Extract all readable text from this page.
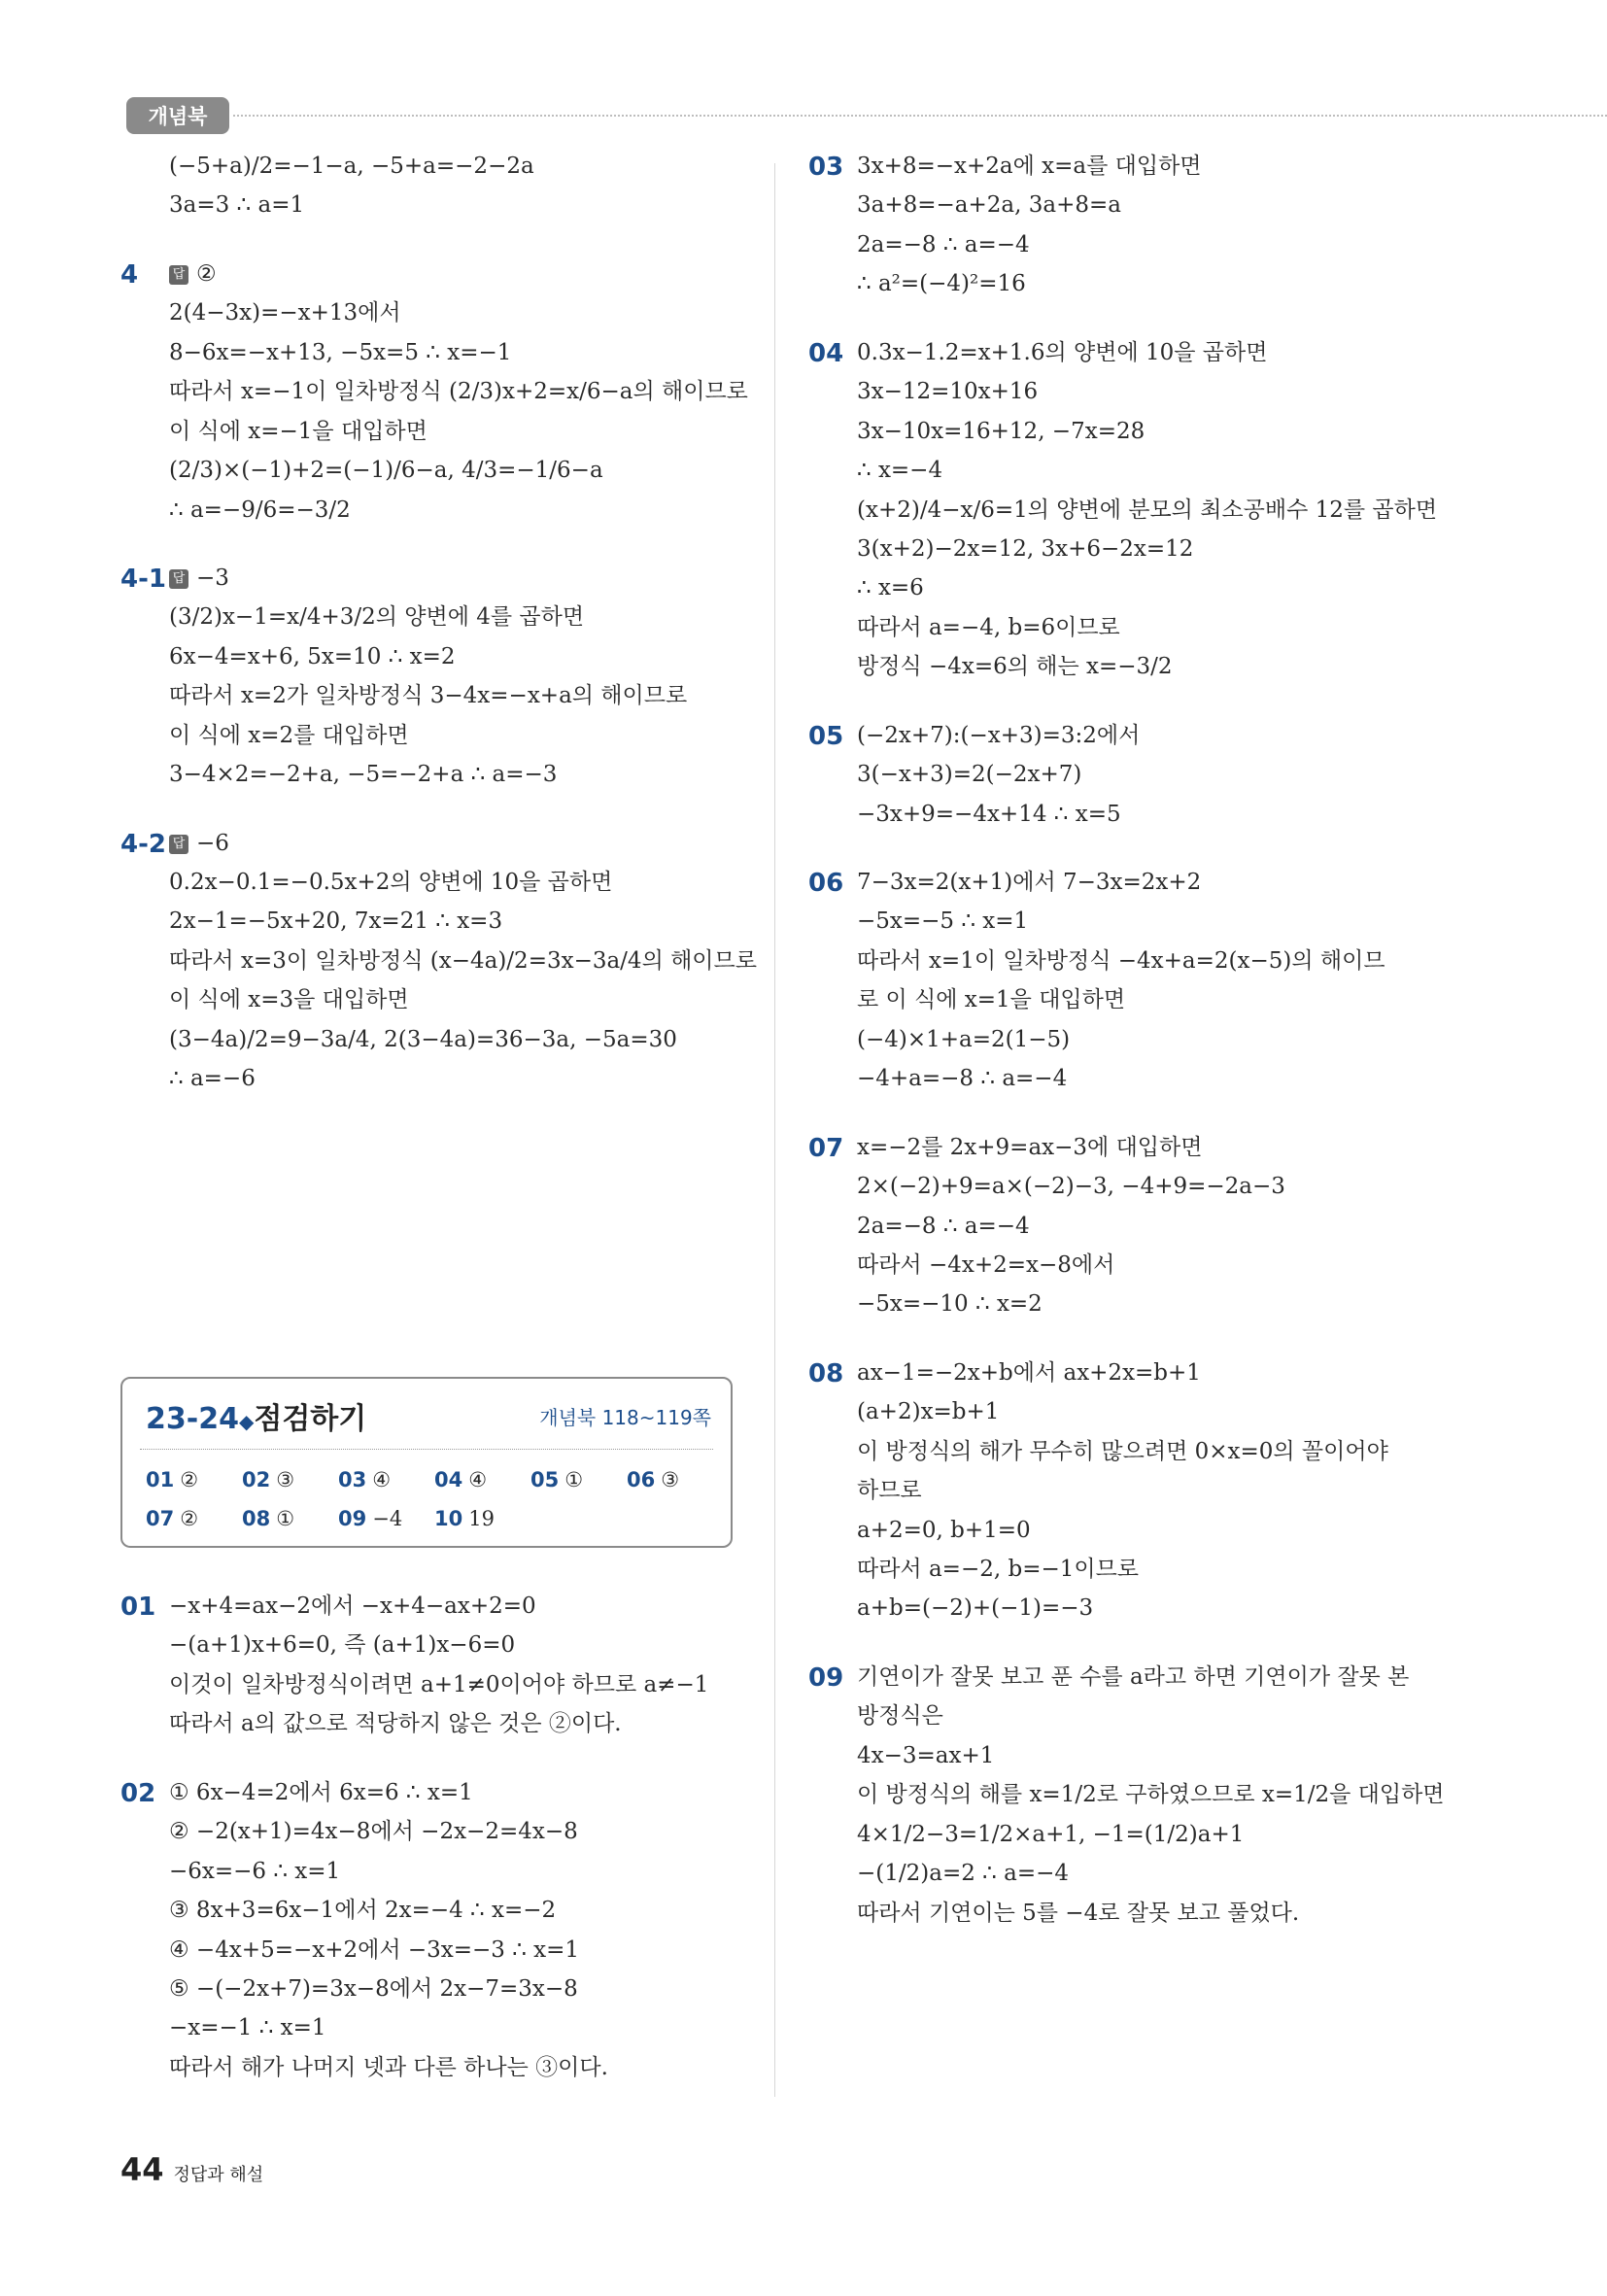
개념북
(−5+a)/2=−1−a, −5+a=−2−2a
3a=3 ∴ a=1
4	답 ②
2(4−3x)=−x+13에서
8−6x=−x+13, −5x=5 ∴ x=−1
따라서 x=−1이 일차방정식 (2/3)x+2=x/6−a의 해이므로
이 식에 x=−1을 대입하면
(2/3)×(−1)+2=(−1)/6−a, 4/3=−1/6−a
∴ a=−9/6=−3/2
4-1 답 −3
(3/2)x−1=x/4+3/2의 양변에 4를 곱하면
6x−4=x+6, 5x=10 ∴ x=2
따라서 x=2가 일차방정식 3−4x=−x+a의 해이므로
이 식에 x=2를 대입하면
3−4×2=−2+a, −5=−2+a ∴ a=−3
4-2 답 −6
0.2x−0.1=−0.5x+2의 양변에 10을 곱하면
2x−1=−5x+20, 7x=21 ∴ x=3
따라서 x=3이 일차방정식 (x−4a)/2=3x−3a/4의 해이므로
이 식에 x=3을 대입하면
(3−4a)/2=9−3a/4, 2(3−4a)=36−3a, −5a=30
∴ a=−6
23-24◆점검하기	개념북 118~119쪽
01 ②	02 ③	03 ④	04 ④	05 ①	06 ③
07 ②	08 ①	09 −4	10 19
01 −x+4=ax−2에서 −x+4−ax+2=0
−(a+1)x+6=0, 즉 (a+1)x−6=0
이것이 일차방정식이려면 a+1≠0이어야 하므로 a≠−1
따라서 a의 값으로 적당하지 않은 것은 ②이다.
02 ① 6x−4=2에서 6x=6 ∴ x=1
② −2(x+1)=4x−8에서 −2x−2=4x−8
−6x=−6 ∴ x=1
③ 8x+3=6x−1에서 2x=−4 ∴ x=−2
④ −4x+5=−x+2에서 −3x=−3 ∴ x=1
⑤ −(−2x+7)=3x−8에서 2x−7=3x−8
−x=−1 ∴ x=1
따라서 해가 나머지 넷과 다른 하나는 ③이다.
03 3x+8=−x+2a에 x=a를 대입하면
3a+8=−a+2a, 3a+8=a
2a=−8 ∴ a=−4
∴ a²=(−4)²=16
04 0.3x−1.2=x+1.6의 양변에 10을 곱하면
3x−12=10x+16
3x−10x=16+12, −7x=28
∴ x=−4
(x+2)/4−x/6=1의 양변에 분모의 최소공배수 12를 곱하면
3(x+2)−2x=12, 3x+6−2x=12
∴ x=6
따라서 a=−4, b=6이므로
방정식 −4x=6의 해는 x=−3/2
05 (−2x+7):(−x+3)=3:2에서
3(−x+3)=2(−2x+7)
−3x+9=−4x+14 ∴ x=5
06 7−3x=2(x+1)에서 7−3x=2x+2
−5x=−5 ∴ x=1
따라서 x=1이 일차방정식 −4x+a=2(x−5)의 해이므
로 이 식에 x=1을 대입하면
(−4)×1+a=2(1−5)
−4+a=−8 ∴ a=−4
07 x=−2를 2x+9=ax−3에 대입하면
2×(−2)+9=a×(−2)−3, −4+9=−2a−3
2a=−8 ∴ a=−4
따라서 −4x+2=x−8에서
−5x=−10 ∴ x=2
08 ax−1=−2x+b에서 ax+2x=b+1
(a+2)x=b+1
이 방정식의 해가 무수히 많으려면 0×x=0의 꼴이어야
하므로
a+2=0, b+1=0
따라서 a=−2, b=−1이므로
a+b=(−2)+(−1)=−3
09 기연이가 잘못 보고 푼 수를 a라고 하면 기연이가 잘못 본
방정식은
4x−3=ax+1
이 방정식의 해를 x=1/2로 구하였으므로 x=1/2을 대입하면
4×1/2−3=1/2×a+1, −1=(1/2)a+1
−(1/2)a=2 ∴ a=−4
따라서 기연이는 5를 −4로 잘못 보고 풀었다.
44 정답과 해설
